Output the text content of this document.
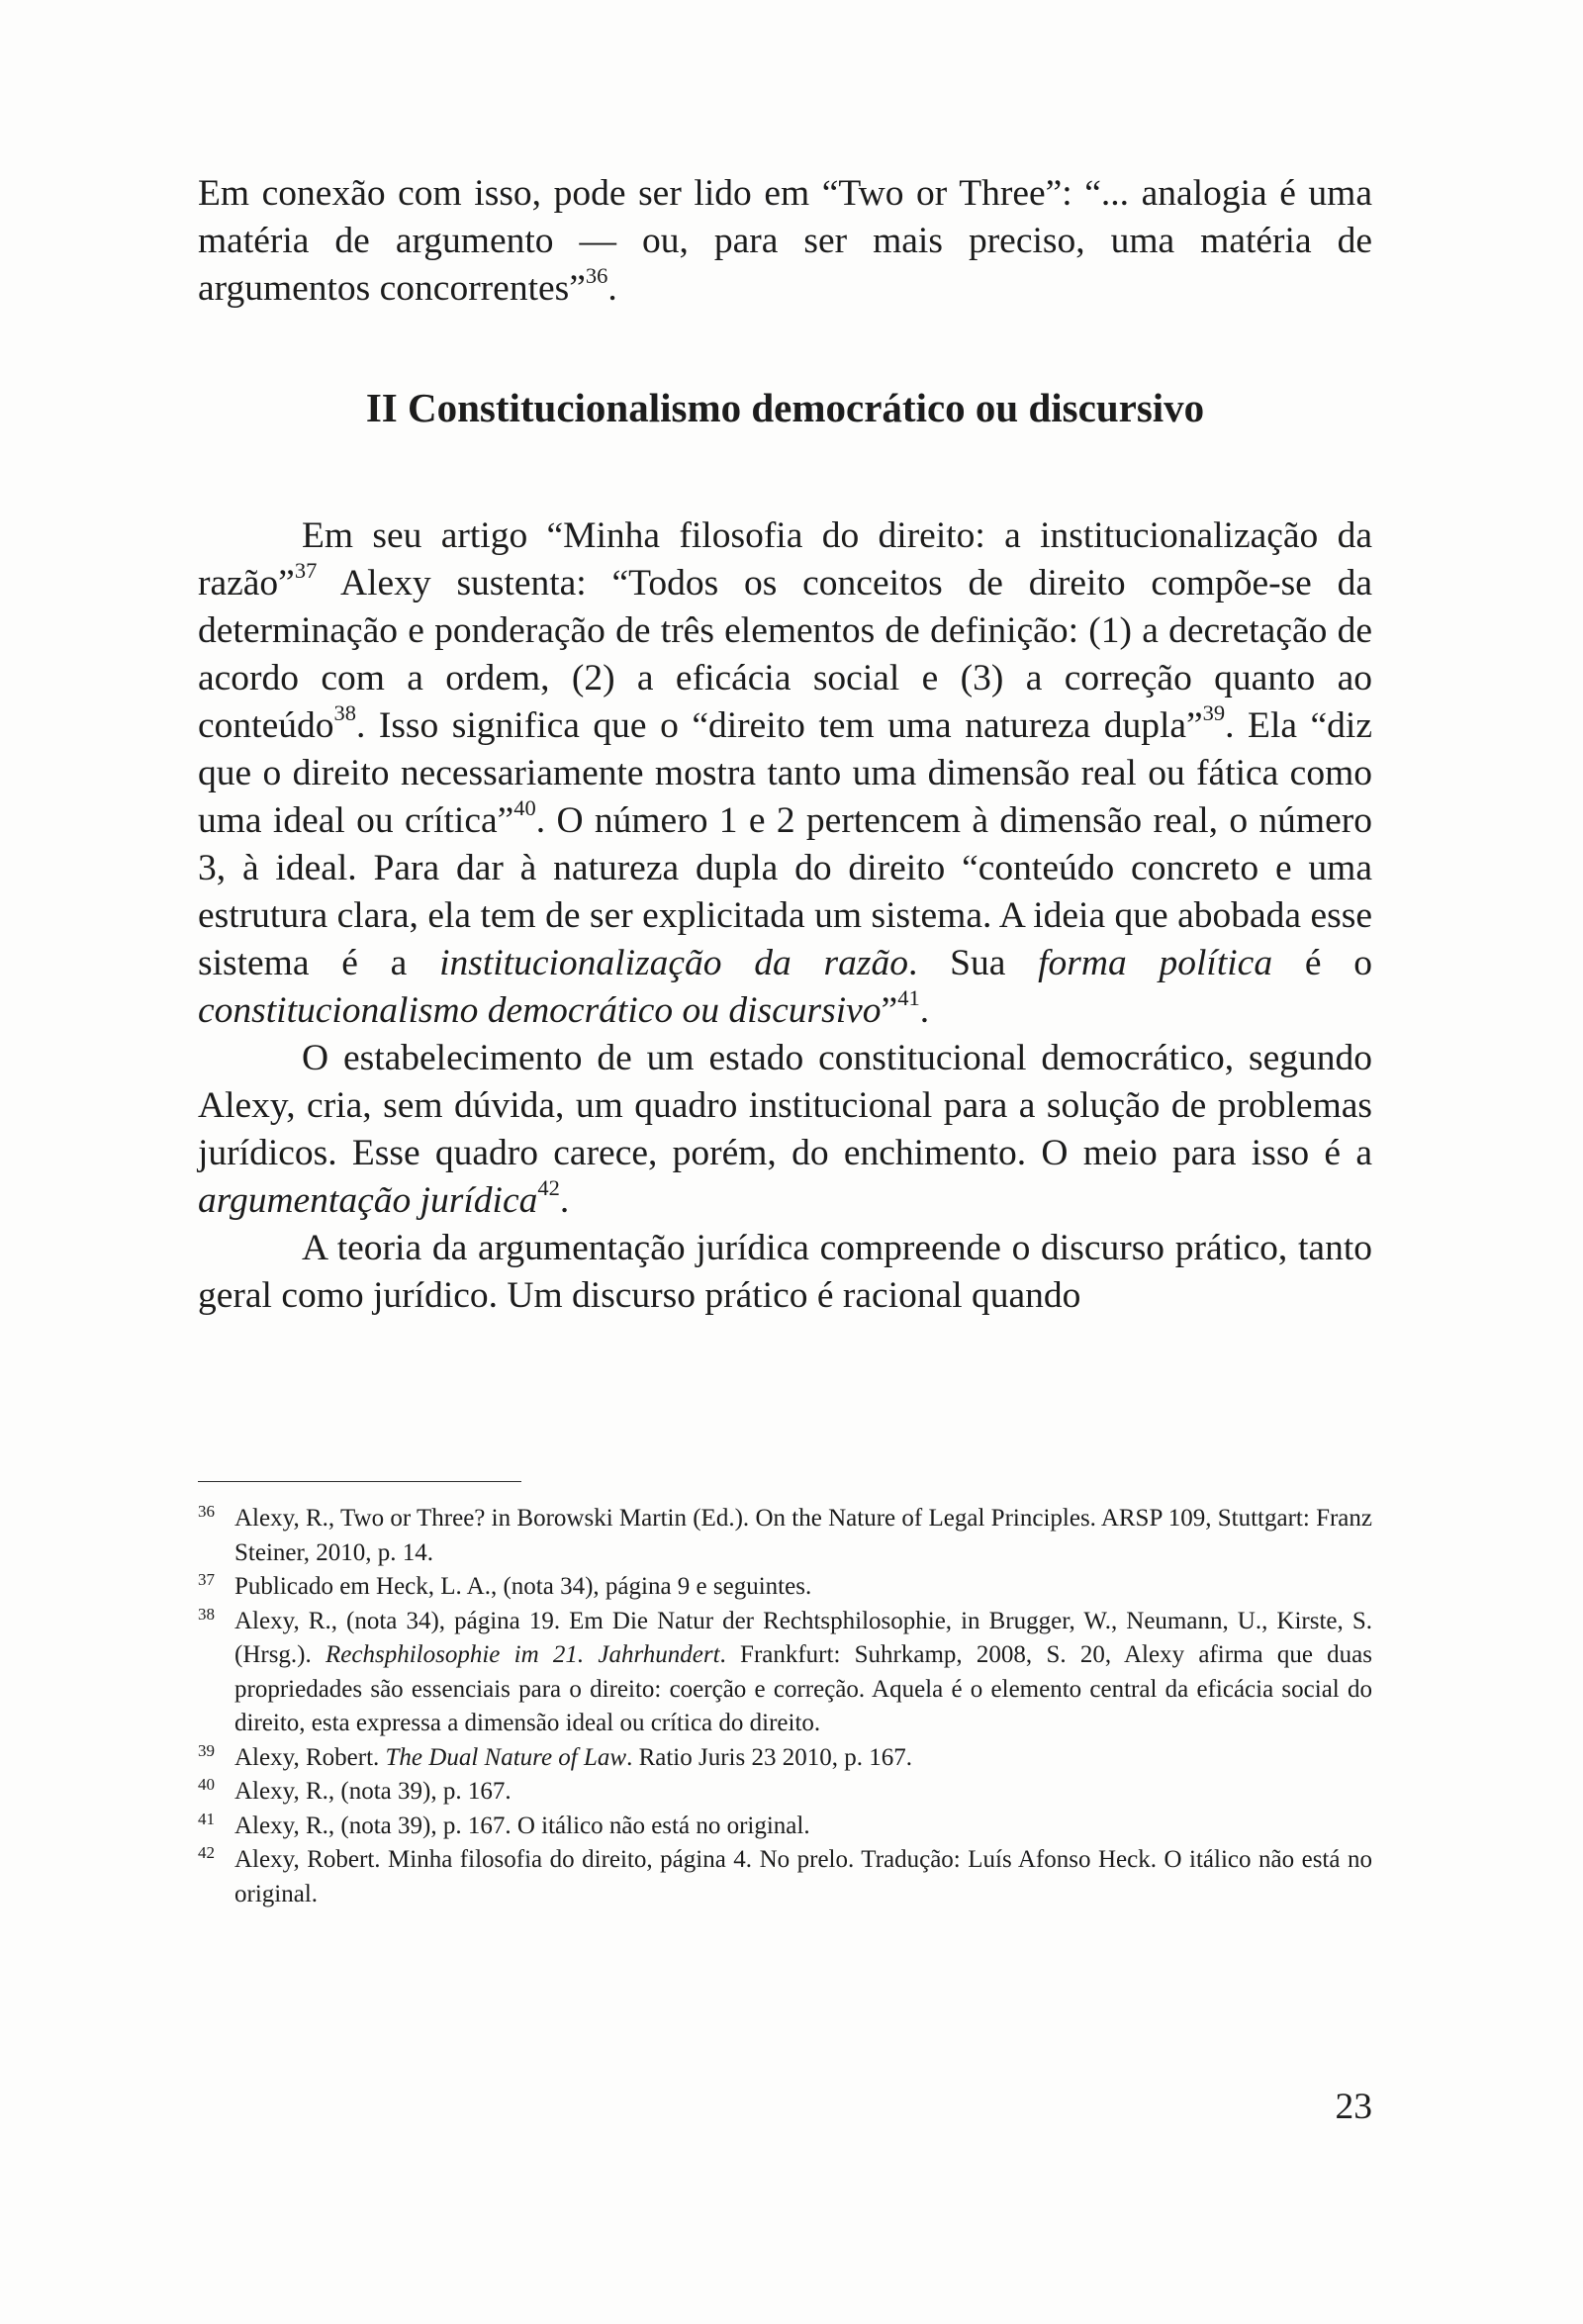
Em conexão com isso, pode ser lido em “Two or Three”: “... analogia é uma matéria de argumento — ou, para ser mais preciso, uma matéria de argumentos concorrentes”$^{36}$.

II Constitucionalismo democrático ou discursivo

Em seu artigo “Minha filosofia do direito: a institucionalização da razão”$^{37}$ Alexy sustenta: “Todos os conceitos de direito compõe-se da determinação e ponderação de três elementos de definição: (1) a decretação de acordo com a ordem, (2) a eficácia social e (3) a correção quanto ao conteúdo$^{38}$. Isso significa que o “direito tem uma natureza dupla”$^{39}$. Ela “diz que o direito necessariamente mostra tanto uma dimensão real ou fática como uma ideal ou crítica”$^{40}$. O número 1 e 2 pertencem à dimensão real, o número 3, à ideal. Para dar à natureza dupla do direito “conteúdo concreto e uma estrutura clara, ela tem de ser explicitada um sistema. A ideia que abobada esse sistema é a institucionalização da razão. Sua forma política é o constitucionalismo democrático ou discursivo”$^{41}$.

O estabelecimento de um estado constitucional democrático, segundo Alexy, cria, sem dúvida, um quadro institucional para a solução de problemas jurídicos. Esse quadro carece, porém, do enchimento. O meio para isso é a argumentação jurídica$^{42}$.

A teoria da argumentação jurídica compreende o discurso prático, tanto geral como jurídico. Um discurso prático é racional quando

36 Alexy, R., Two or Three? in Borowski Martin (Ed.). On the Nature of Legal Principles. ARSP 109, Stuttgart: Franz Steiner, 2010, p. 14.

37 Publicado em Heck, L. A., (nota 34), página 9 e seguintes.

38 Alexy, R., (nota 34), página 19. Em Die Natur der Rechtsphilosophie, in Brugger, W., Neumann, U., Kirste, S. (Hrsg.). Rechsphilosophie im 21. Jahrhundert. Frankfurt: Suhrkamp, 2008, S. 20, Alexy afirma que duas propriedades são essenciais para o direito: coerção e correção. Aquela é o elemento central da eficácia social do direito, esta expressa a dimensão ideal ou crítica do direito.

39 Alexy, Robert. The Dual Nature of Law. Ratio Juris 23 2010, p. 167.

40 Alexy, R., (nota 39), p. 167.

41 Alexy, R., (nota 39), p. 167. O itálico não está no original.

42 Alexy, Robert. Minha filosofia do direito, página 4. No prelo. Tradução: Luís Afonso Heck. O itálico não está no original.

23
